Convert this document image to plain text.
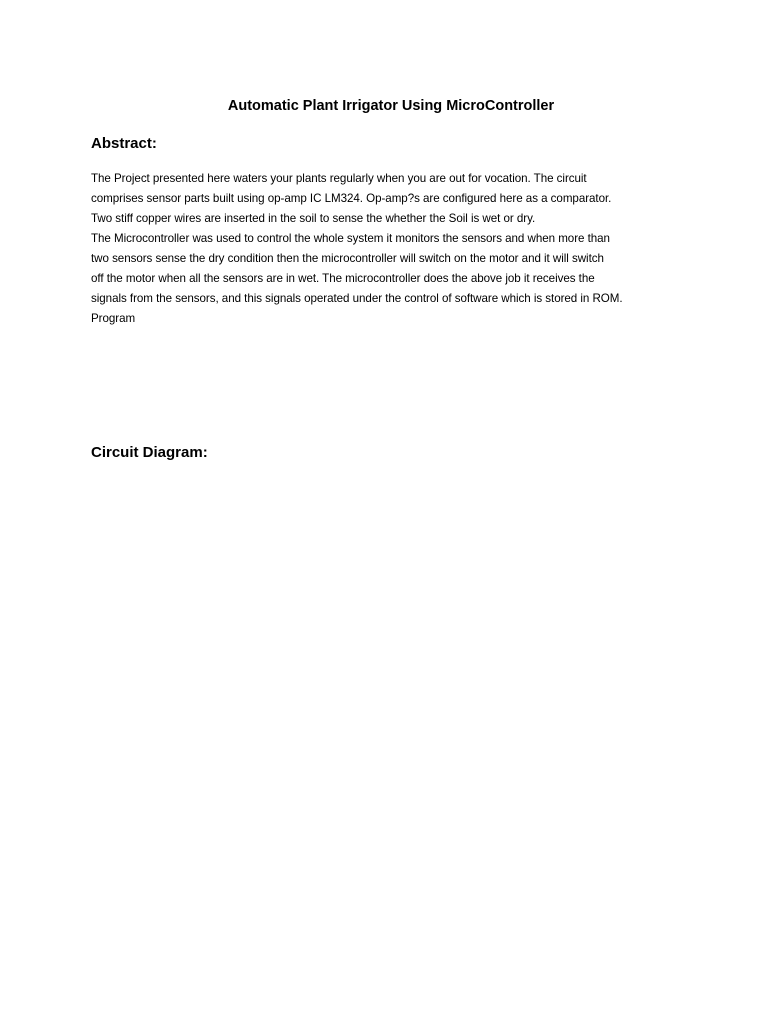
Automatic Plant Irrigator Using MicroController
Abstract:
The Project presented here waters your plants regularly when you are out for vocation. The circuit
comprises sensor parts built using op-amp IC LM324. Op-amp?s are configured here as a comparator.
Two stiff copper wires are inserted in the soil to sense the whether the Soil is wet or dry.
The Microcontroller was used to control the whole system it monitors the sensors and when more than
two sensors sense the dry condition then the microcontroller will switch on the motor and it will switch
off the motor when all the sensors are in wet. The microcontroller does the above job it receives the
signals from the sensors, and this signals operated under the control of software which is stored in ROM.
Program
Circuit Diagram:
